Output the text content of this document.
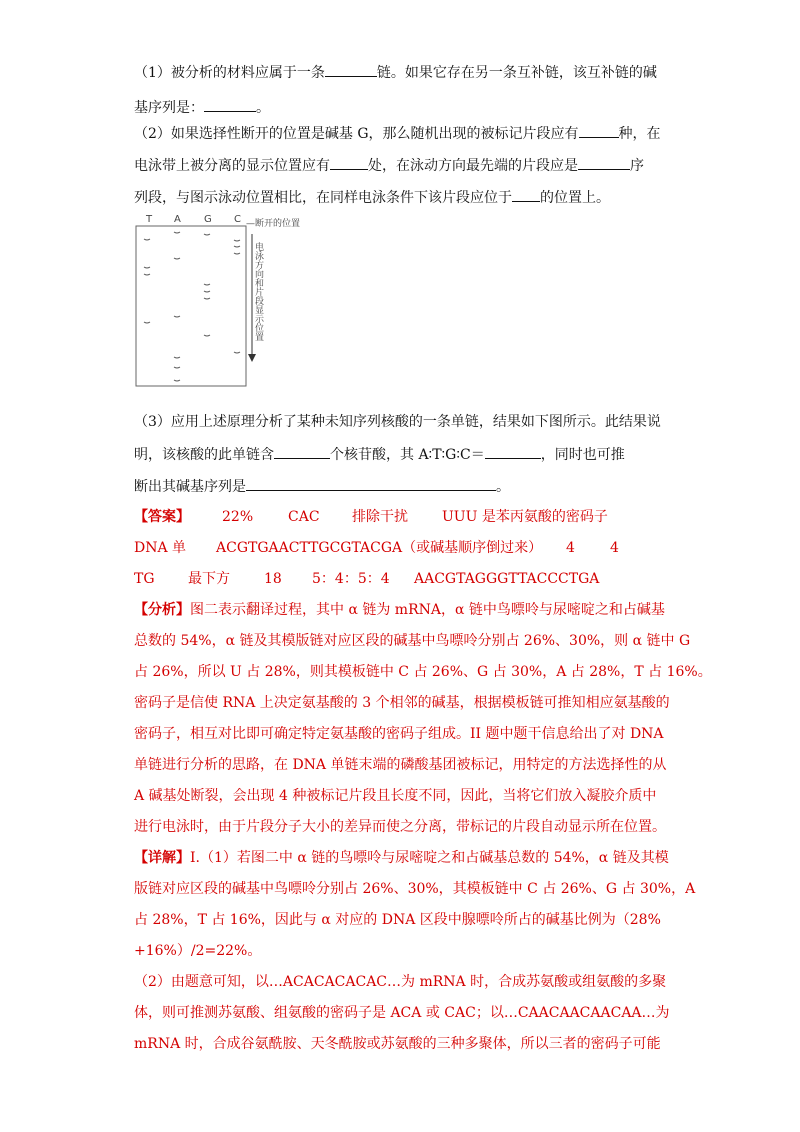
（1）被分析的材料应属于一条	链。如果它存在另一条互补链，该互补链的碱
基序列是：	。
（2）如果选择性断开的位置是碱基 G，那么随机出现的被标记片段应有	种，在
电泳带上被分离的显示位置应有	处，在泳动方向最先端的片段应是	序
列段，与图示泳动位置相比，在同样电泳条件下该片段应位于 的位置上。
T A G C —断开的位置
电泳方向和片段显示位置
（3）应用上述原理分析了某种未知序列核酸的一条单链，结果如下图所示。此结果说
明，该核酸的此单链含	个核苷酸，其 A∶T∶G∶C＝	，同时也可推
断出其碱基序列是	。
【答案】 22% CAC 排除干扰 UUU 是苯丙氨酸的密码子
DNA 单 ACGTGAACTTGCGTACGA（或碱基顺序倒过来） 4	4
TG 最下方 18 5：4：5：4 AACGTAGGGTTACCCTGA
【分析】图二表示翻译过程，其中 α 链为 mRNA，α 链中鸟嘌呤与尿嘧啶之和占碱基
总数的 54%，α 链及其模版链对应区段的碱基中鸟嘌呤分别占 26%、30%，则 α 链中 G
占 26%，所以 U 占 28%，则其模板链中 C 占 26%、G 占 30%，A 占 28%，T 占 16%。
密码子是信使 RNA 上决定氨基酸的 3 个相邻的碱基，根据模板链可推知相应氨基酸的
密码子，相互对比即可确定特定氨基酸的密码子组成。II 题中题干信息给出了对 DNA
单链进行分析的思路，在 DNA 单链末端的磷酸基团被标记，用特定的方法选择性的从
A 碱基处断裂，会出现 4 种被标记片段且长度不同，因此，当将它们放入凝胶介质中
进行电泳时，由于片段分子大小的差异而使之分离，带标记的片段自动显示所在位置。
【详解】Ⅰ.（1）若图二中 α 链的鸟嘌呤与尿嘧啶之和占碱基总数的 54%，α 链及其模
版链对应区段的碱基中鸟嘌呤分别占 26%、30%，其模板链中 C 占 26%、G 占 30%，A
占 28%，T 占 16%，因此与 α 对应的 DNA 区段中腺嘌呤所占的碱基比例为（28%
+16%）/2=22%。
（2）由题意可知，以…ACACACACAC…为 mRNA 时，合成苏氨酸或组氨酸的多聚
体，则可推测苏氨酸、组氨酸的密码子是 ACA 或 CAC；以…CAACAACAACAA…为
mRNA 时，合成谷氨酰胺、天冬酰胺或苏氨酸的三种多聚体，所以三者的密码子可能
